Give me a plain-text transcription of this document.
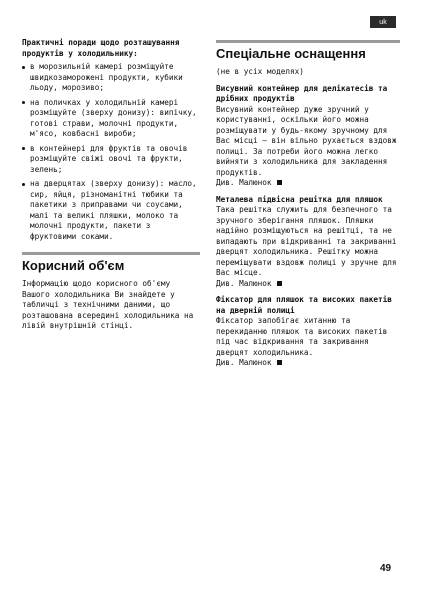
uk

Практичні поради щодо розташування продуктів у холодильнику:

в морозильній камері розміщуйте швидкозаморожені продукти, кубики льоду, морозиво;
на поличках у холодильній камері розміщуйте (зверху донизу): випічку, готові страви, молочні продукти, м'ясо, ковбасні вироби;
в контейнері для фруктів та овочів розміщуйте свіжі овочі та фрукти, зелень;
на дверцятах (зверху донизу): масло, сир, яйця, різноманітні тюбики та пакетики з приправами чи соусами, малі та великі пляшки, молоко та молочні продукти, пакети з фруктовими соками.
Корисний об'єм

Інформацію щодо корисного об'єму Вашого холодильника Ви знайдете у табличці з технічними даними, що розташована всередині холодильника на лівій внутрішній стінці.

Спеціальне оснащення

(не в усіх моделях)

Висувний контейнер для делікатесів та дрібних продуктів
Висувний контейнер дуже зручний у користуванні, оскільки його можна розміщувати у будь-якому зручному для Вас місці – він вільно рухається вздовж полиці. За потреби його можна легко вийняти з холодильника для закладення продуктів.
Див. Малюнок
Металева підвісна решітка для пляшок
Така решітка служить для безпечного та зручного зберігання пляшок. Пляшки надійно розміщуються на решітці, та не випадають при відкриванні та закриванні дверцят холодильника. Решітку можна переміщувати вздовж полиці у зручне для Вас місце.
Див. Малюнок
Фіксатор для пляшок та високих пакетів на дверній полиці
Фіксатор запобігає хитанню та перекиданню пляшок та високих пакетів під час відкривання та закривання дверцят холодильника.
Див. Малюнок
49
